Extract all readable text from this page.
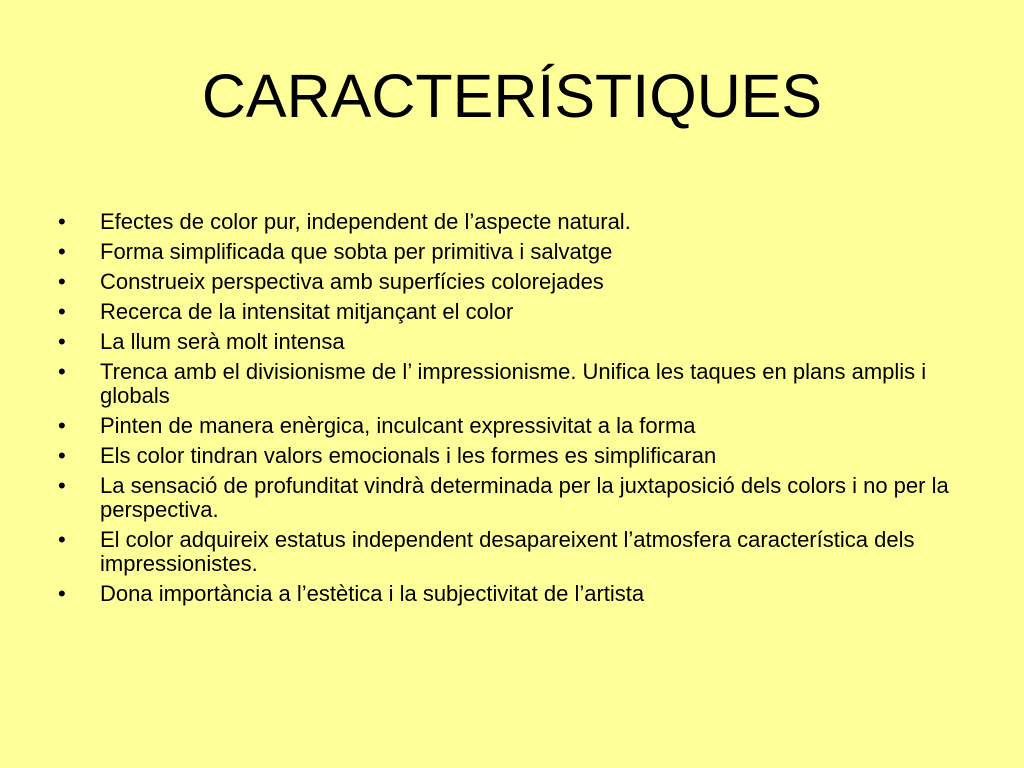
CARACTERÍSTIQUES
•	Efectes de color pur, independent de l’aspecte natural.
•	Forma simplificada que sobta per primitiva i salvatge
•	Construeix perspectiva amb superfícies colorejades
•	Recerca de la intensitat mitjançant el color
•	La llum serà molt intensa
•	Trenca amb el divisionisme de l’ impressionisme. Unifica les taques en plans amplis i globals
•	Pinten de manera enèrgica, inculcant expressivitat a la forma
•	Els color tindran valors emocionals i les formes es simplificaran
•	La sensació de profunditat vindrà determinada per la juxtaposició dels colors i no per la perspectiva.
•	El color adquireix estatus independent desapareixent l’atmosfera característica dels impressionistes.
•	Dona importància a l’estètica i la subjectivitat de l’artista
